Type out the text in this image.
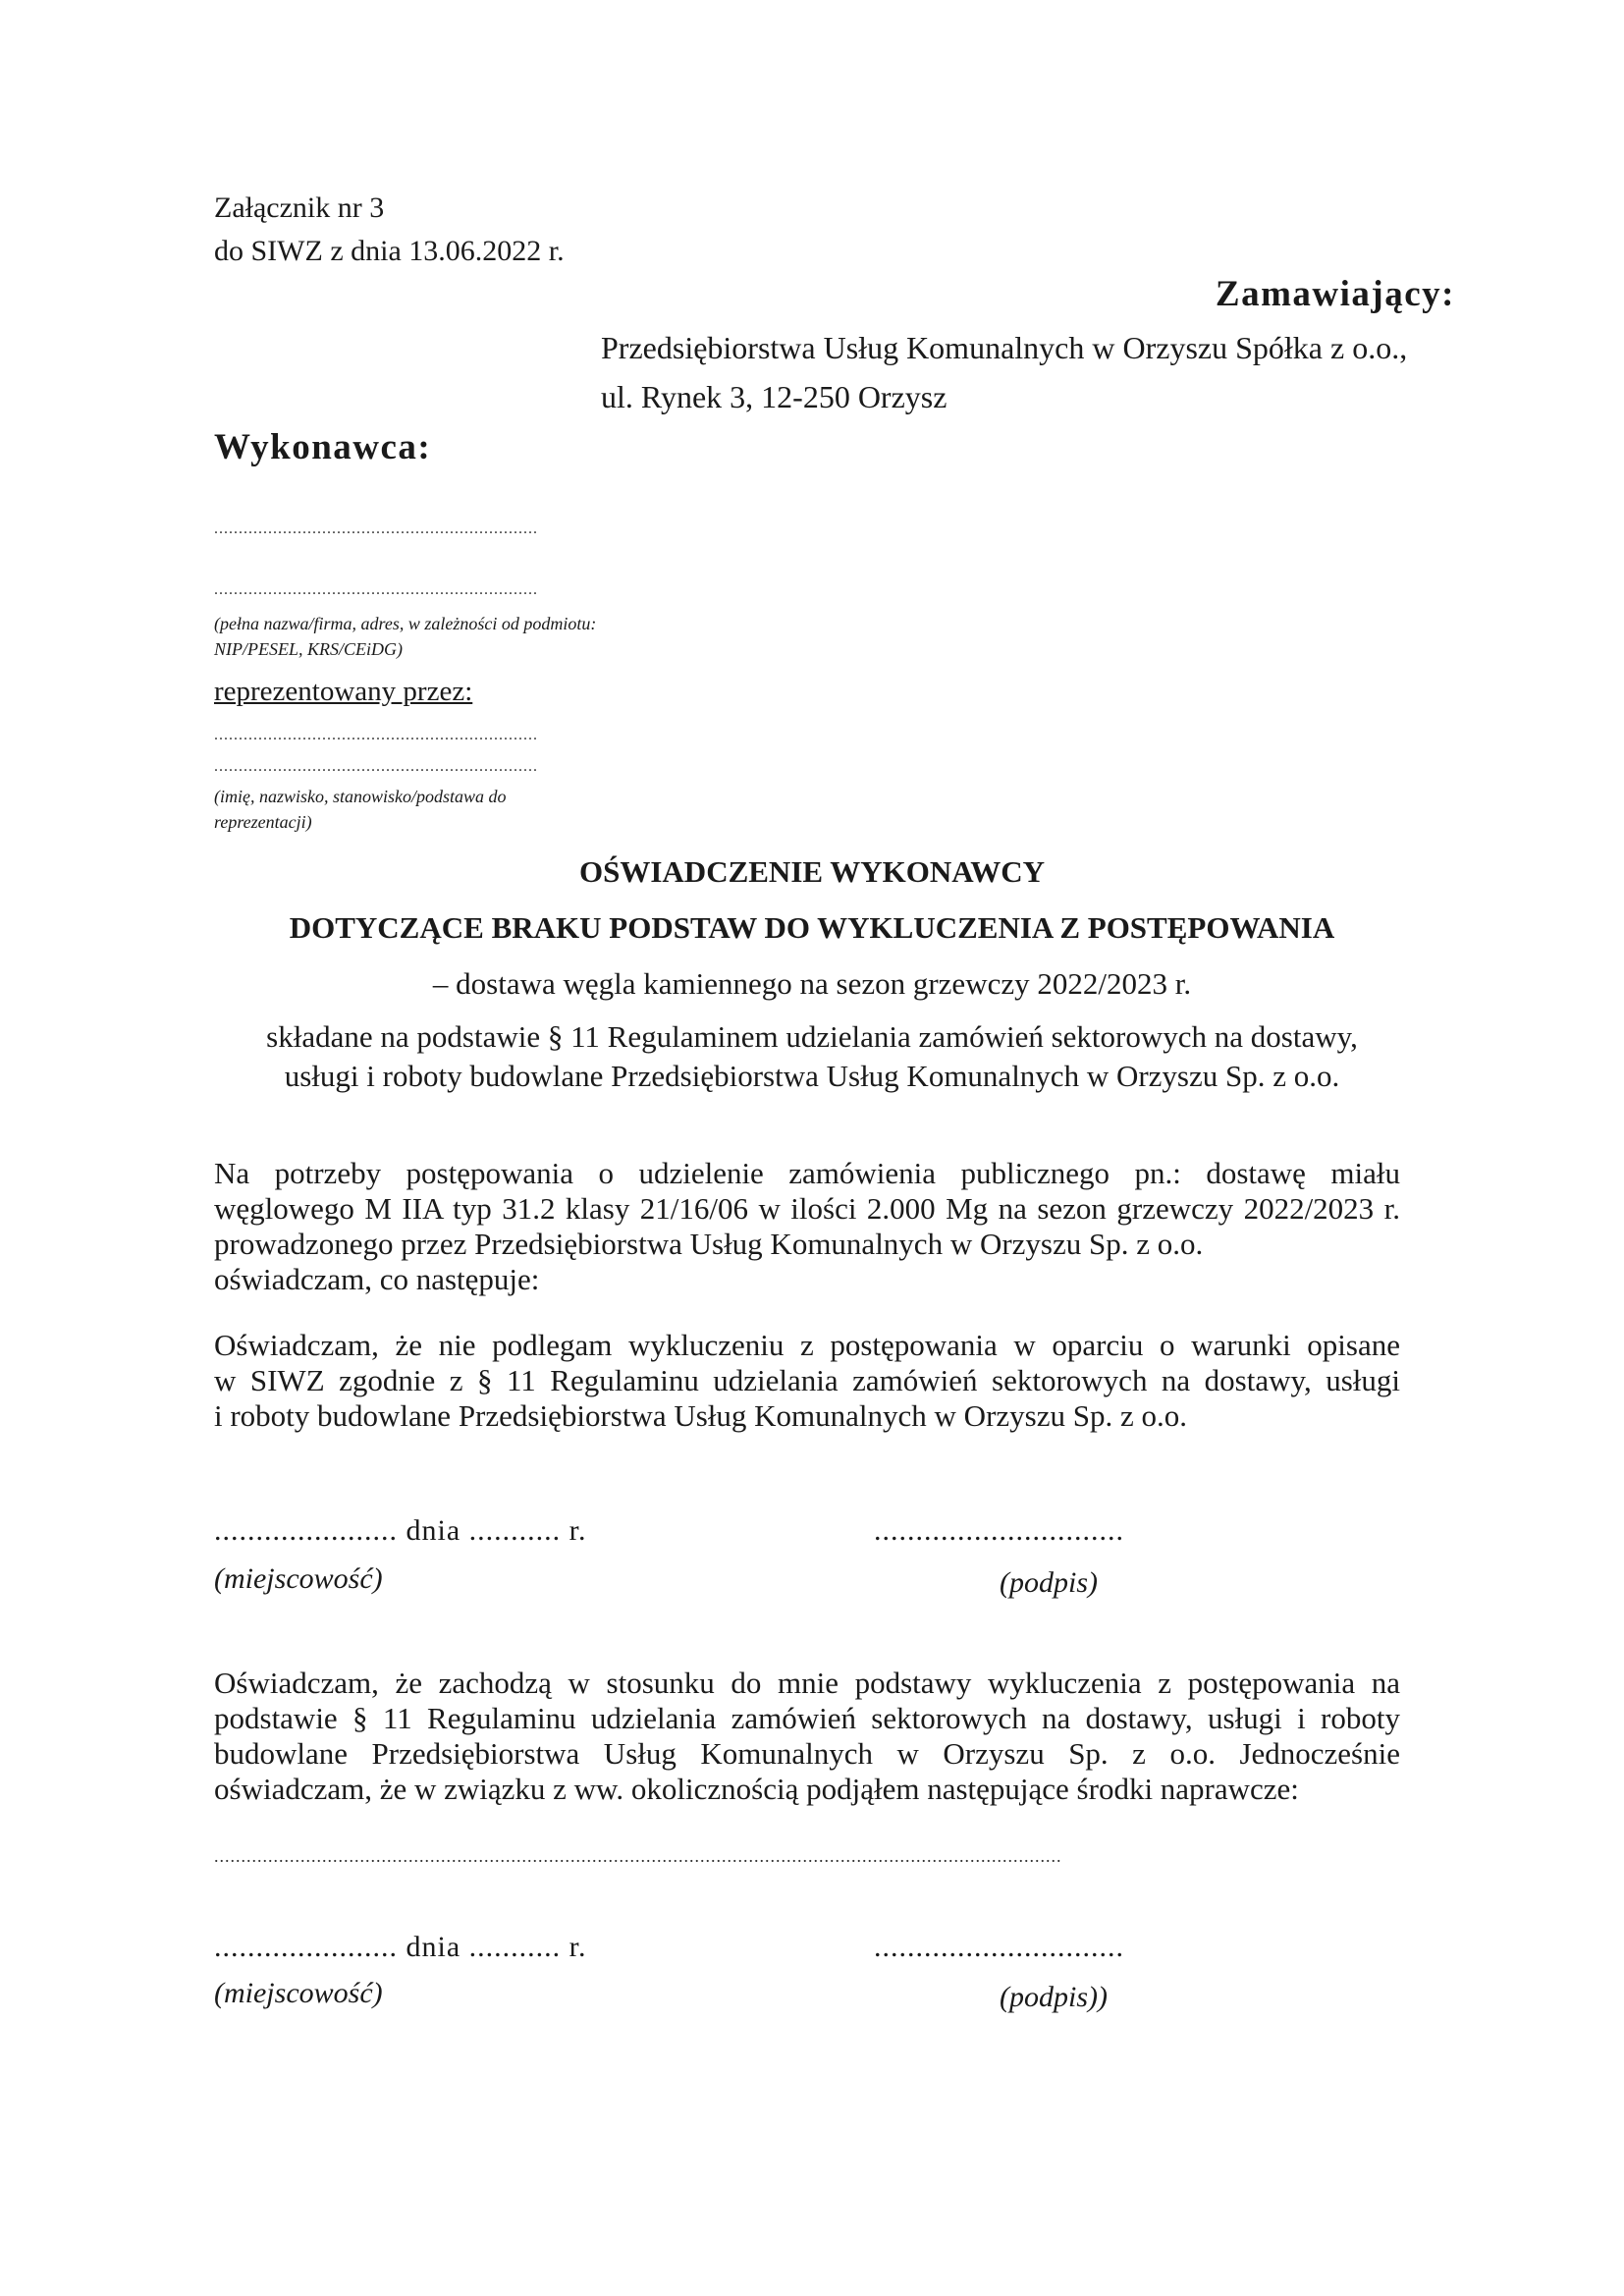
Załącznik nr 3

do SIWZ z dnia 13.06.2022 r.

Zamawiający:

Przedsiębiorstwa Usług Komunalnych w Orzyszu Spółka z o.o.,

ul. Rynek 3, 12-250 Orzysz

Wykonawca:

..................................................................

..................................................................

(pełna nazwa/firma, adres, w zależności od podmiotu: NIP/PESEL, KRS/CEiDG)

reprezentowany przez:

..................................................................

..................................................................

(imię, nazwisko, stanowisko/podstawa do reprezentacji)

OŚWIADCZENIE WYKONAWCY

DOTYCZĄCE BRAKU PODSTAW DO WYKLUCZENIA Z POSTĘPOWANIA

– dostawa węgla kamiennego na sezon grzewczy 2022/2023 r.

składane na podstawie § 11 Regulaminem udzielania zamówień sektorowych na dostawy,

usługi i roboty budowlane Przedsiębiorstwa Usług Komunalnych w Orzyszu Sp. z o.o.

Na potrzeby postępowania o udzielenie zamówienia publicznego pn.: dostawę miału
węglowego M IIA typ 31.2 klasy 21/16/06 w ilości 2.000 Mg na sezon grzewczy 2022/2023 r.
prowadzonego przez Przedsiębiorstwa Usług Komunalnych w Orzyszu Sp. z o.o.
oświadczam, co następuje:
Oświadczam, że nie podlegam wykluczeniu z postępowania w oparciu o warunki opisane
w SIWZ zgodnie z § 11 Regulaminu udzielania zamówień sektorowych na dostawy, usługi
i roboty budowlane Przedsiębiorstwa Usług Komunalnych w Orzyszu Sp. z o.o.

...................... dnia ........... r.

(miejscowość)

..............................

(podpis)

Oświadczam, że zachodzą w stosunku do mnie podstawy wykluczenia z postępowania na
podstawie § 11 Regulaminu udzielania zamówień sektorowych na dostawy, usługi i roboty
budowlane Przedsiębiorstwa Usług Komunalnych w Orzyszu Sp. z o.o. Jednocześnie
oświadczam, że w związku z ww. okolicznością podjąłem następujące środki naprawcze:

.............................................................................................................................................................

...................... dnia ........... r.

(miejscowość)

..............................

(podpis))
